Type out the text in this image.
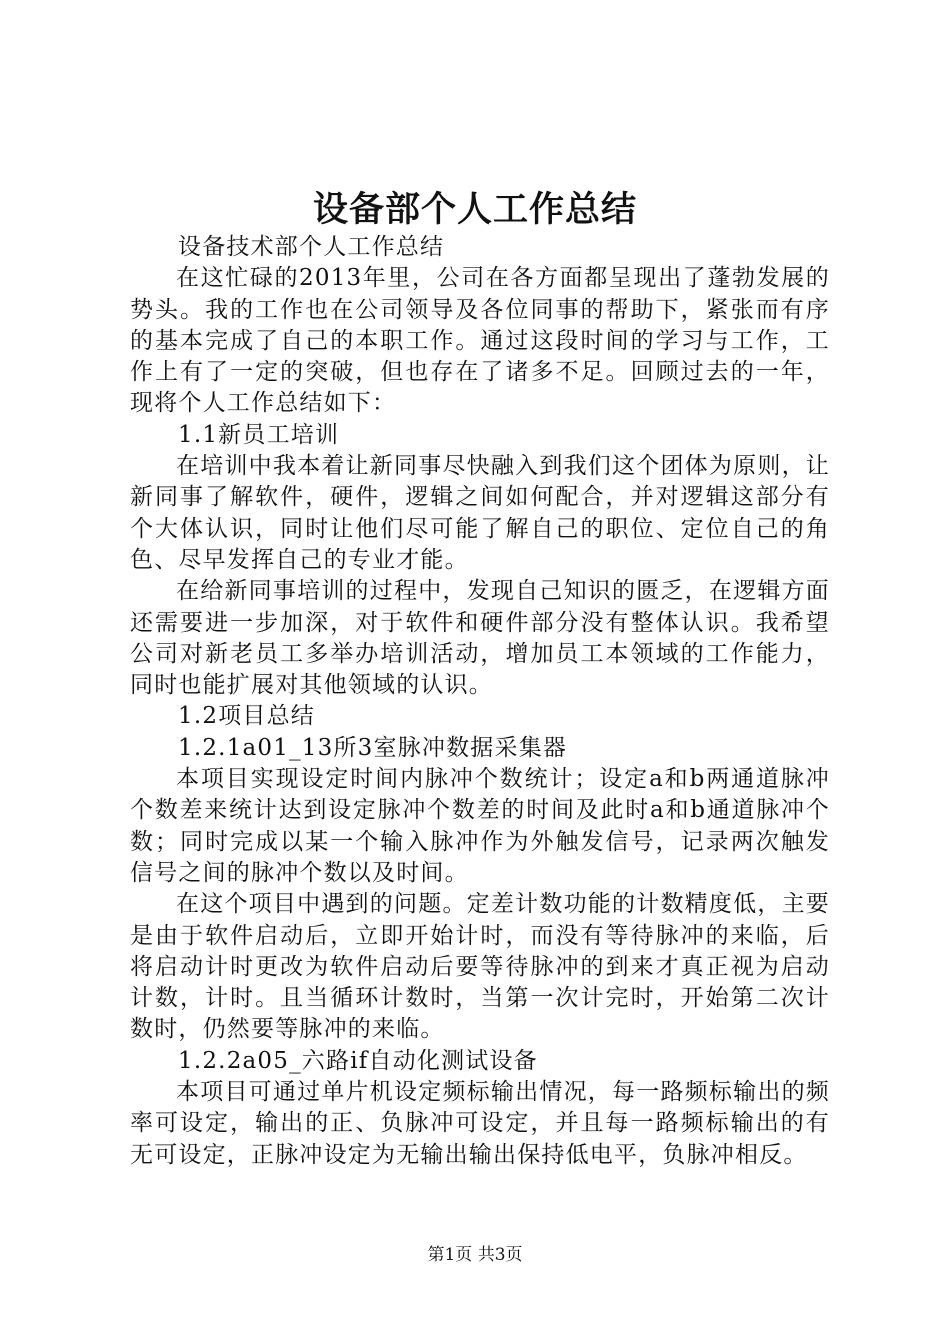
设备部个人工作总结

设备技术部个人工作总结

在这忙碌的2013年里，公司在各方面都呈现出了蓬勃发展的势头。我的工作也在公司领导及各位同事的帮助下，紧张而有序的基本完成了自己的本职工作。通过这段时间的学习与工作，工作上有了一定的突破，但也存在了诸多不足。回顾过去的一年，现将个人工作总结如下：

1.1新员工培训

在培训中我本着让新同事尽快融入到我们这个团体为原则，让新同事了解软件，硬件，逻辑之间如何配合，并对逻辑这部分有个大体认识，同时让他们尽可能了解自己的职位、定位自己的角色、尽早发挥自己的专业才能。

在给新同事培训的过程中，发现自己知识的匮乏，在逻辑方面还需要进一步加深，对于软件和硬件部分没有整体认识。我希望公司对新老员工多举办培训活动，增加员工本领域的工作能力，同时也能扩展对其他领域的认识。

1.2项目总结

1.2.1a01_13所3室脉冲数据采集器

本项目实现设定时间内脉冲个数统计；设定a和b两通道脉冲个数差来统计达到设定脉冲个数差的时间及此时a和b通道脉冲个数；同时完成以某一个输入脉冲作为外触发信号，记录两次触发信号之间的脉冲个数以及时间。

在这个项目中遇到的问题。定差计数功能的计数精度低，主要是由于软件启动后，立即开始计时，而没有等待脉冲的来临，后将启动计时更改为软件启动后要等待脉冲的到来才真正视为启动计数，计时。且当循环计数时，当第一次计完时，开始第二次计数时，仍然要等脉冲的来临。

1.2.2a05_六路if自动化测试设备

本项目可通过单片机设定频标输出情况，每一路频标输出的频率可设定，输出的正、负脉冲可设定，并且每一路频标输出的有无可设定，正脉冲设定为无输出输出保持低电平，负脉冲相反。

第1页 共3页
